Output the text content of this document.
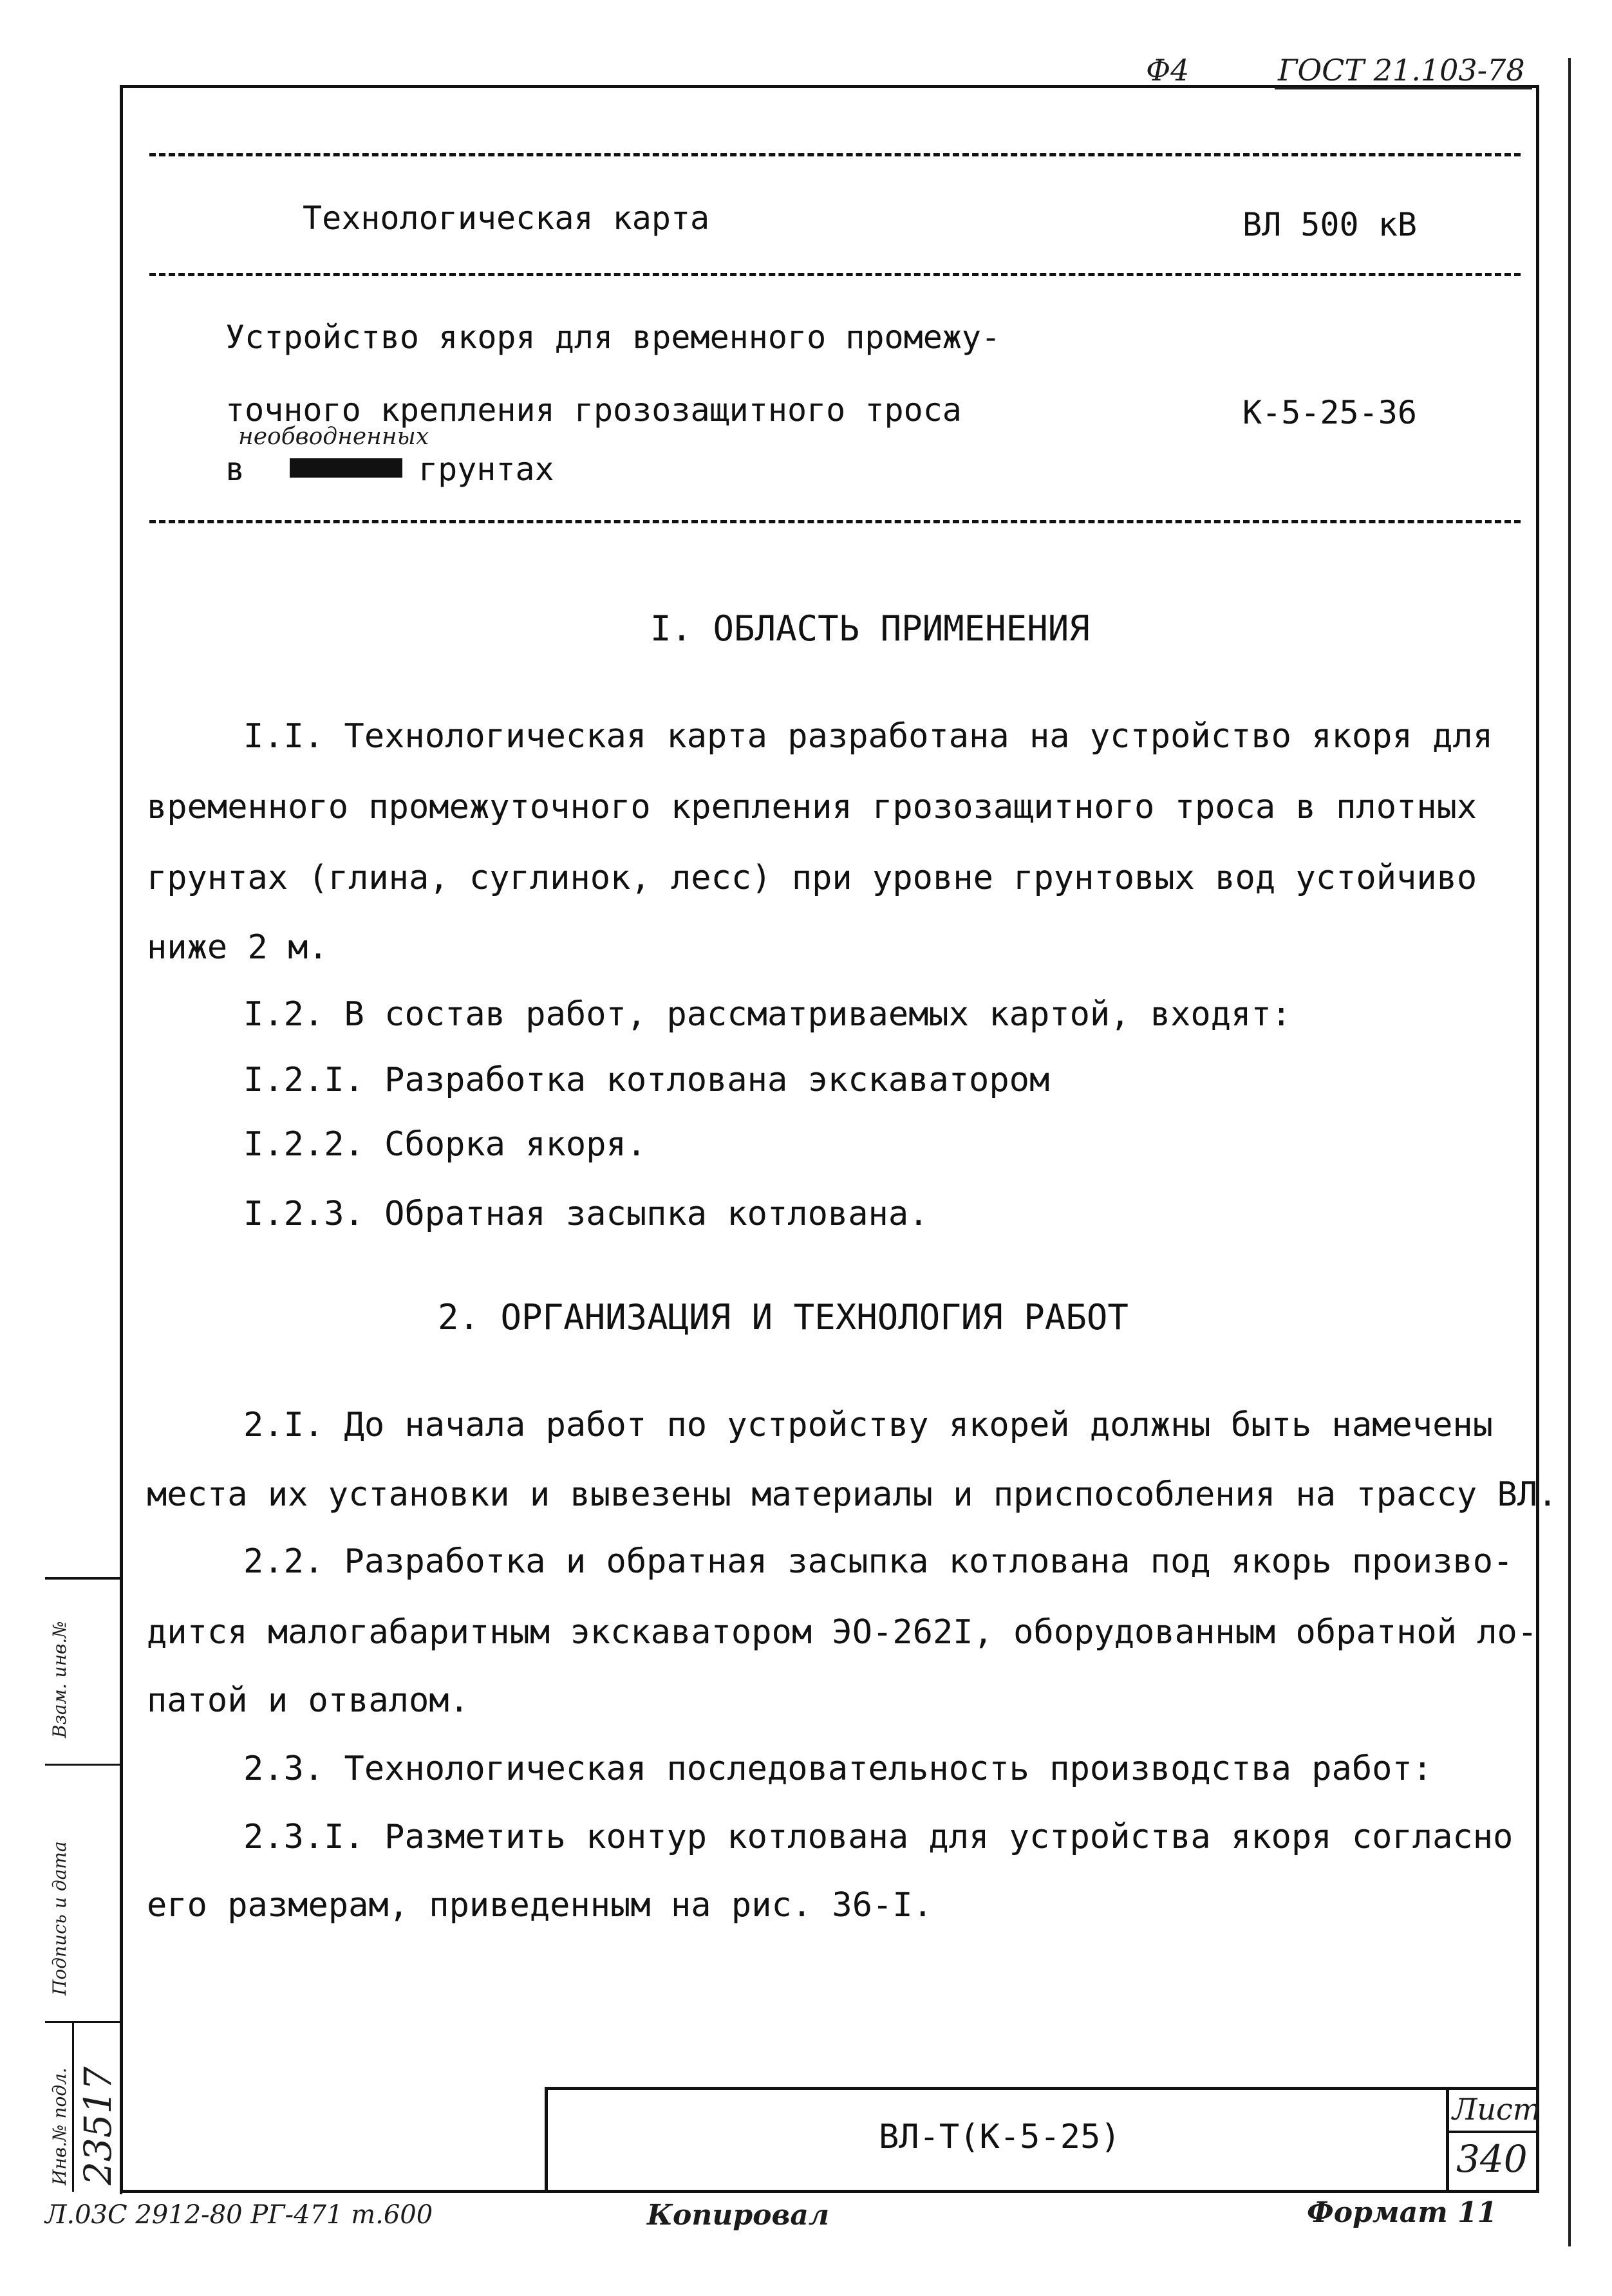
Ф4	ГОСТ 21.103-78
Технологическая карта	ВЛ 500 кВ
Устройство якоря для временного промежу-
точного крепления грозозащитного троса	К-5-25-36
необводненных
в	грунтах
I. ОБЛАСТЬ ПРИМЕНЕНИЯ
I.I. Технологическая карта разработана на устройство якоря для
временного промежуточного крепления грозозащитного троса в плотных
грунтах (глина, суглинок, лесс) при уровне грунтовых вод устойчиво
ниже 2 м.
I.2. В состав работ, рассматриваемых картой, входят:
I.2.I. Разработка котлована экскаватором
I.2.2. Сборка якоря.
I.2.3. Обратная засыпка котлована.
2. ОРГАНИЗАЦИЯ И ТЕХНОЛОГИЯ РАБОТ
2.I. До начала работ по устройству якорей должны быть намечены
места их установки и вывезены материалы и приспособления на трассу ВЛ.
2.2. Разработка и обратная засыпка котлована под якорь произво-
дится малогабаритным экскаватором ЭО-262I, оборудованным обратной ло-
патой и отвалом.
2.3. Технологическая последовательность производства работ:
2.3.I. Разметить контур котлована для устройства якоря согласно
его размерам, приведенным на рис. 36-I.
ВЛ-Т(К-5-25)
Лист
340
Л.03С 2912-80 РГ-471 т.600	Копировал	Формат 11
Взам. инв.№
Подпись и дата
Инв.№ подл. 23517
